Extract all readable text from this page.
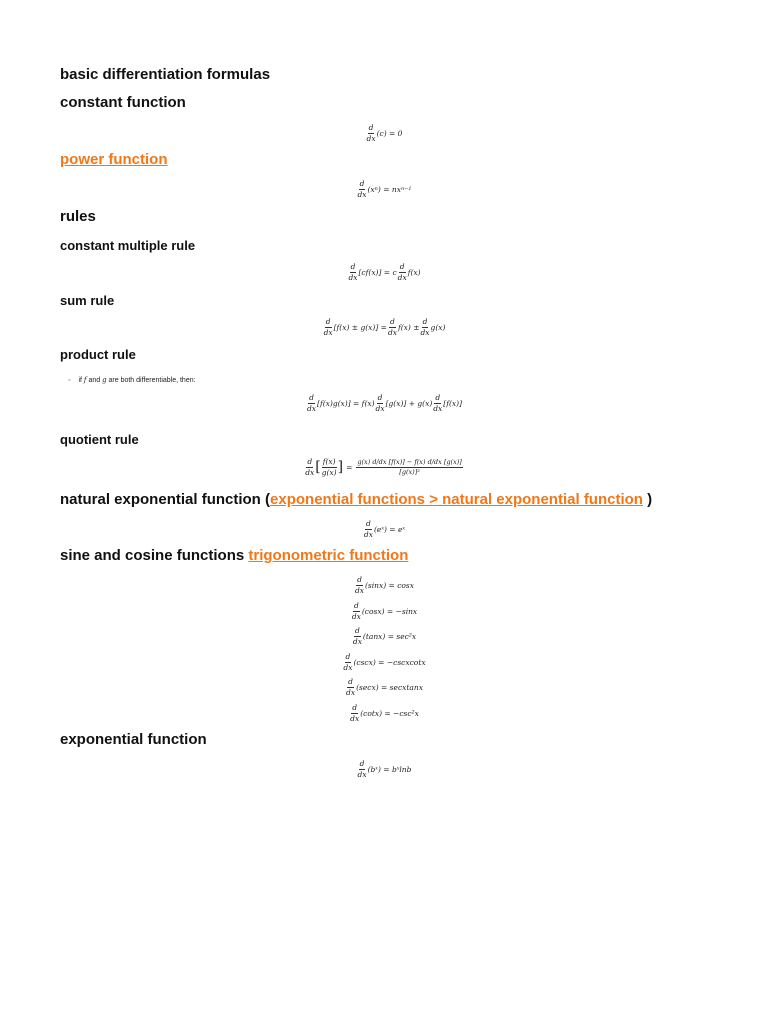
basic differentiation formulas
constant function
$\frac{d}{dx} (c) = 0$
power function
$\frac{d}{dx} (x$ n ) = nx n−1
rules
constant multiple rule
$\frac{d}{dx} [cf(x)] = c \frac{d}{dx} f(x)$
sum rule
$\frac{d}{dx} [f(x) \pm g(x)] = \frac{d}{dx} f(x) \pm \frac{d}{dx} g(x)$
product rule
◦ if f and g are both differentiable, then:
$\frac{d}{dx} [f(x)g(x)] = f(x) \frac{d}{dx} [g(x)] + g(x) \frac{d}{dx} [f(x)]$
quotient rule
$\frac{d}{dx}$ [ $\frac{f(x)}{g(x)}$ ] = $\frac{g(x) d/dx [f(x)] - f(x) d/dx [g(x)]}{\text{[g(x)]²}}$
natural exponential function (exponential functions > natural exponential function )
$\frac{d}{dx}$ (eˣ) = eˣ
sine and cosine functions trigonometric function
$\frac{d}{dx} (\sin x) = \cos x$
$\frac{d}{dx} (\cos x) = -\sin x$
$\frac{d}{dx} (\tan x) = \sec^2x$
$\frac{d}{dx} (\csc x)$ = −cscxcotx
$\frac{d}{dx} (\sec x)$ = secxtanx
$\frac{d}{dx} (\cot x) = -\csc^2x$
exponential function
$\frac{d}{dx}$ (bˣ) = bˣlnb
